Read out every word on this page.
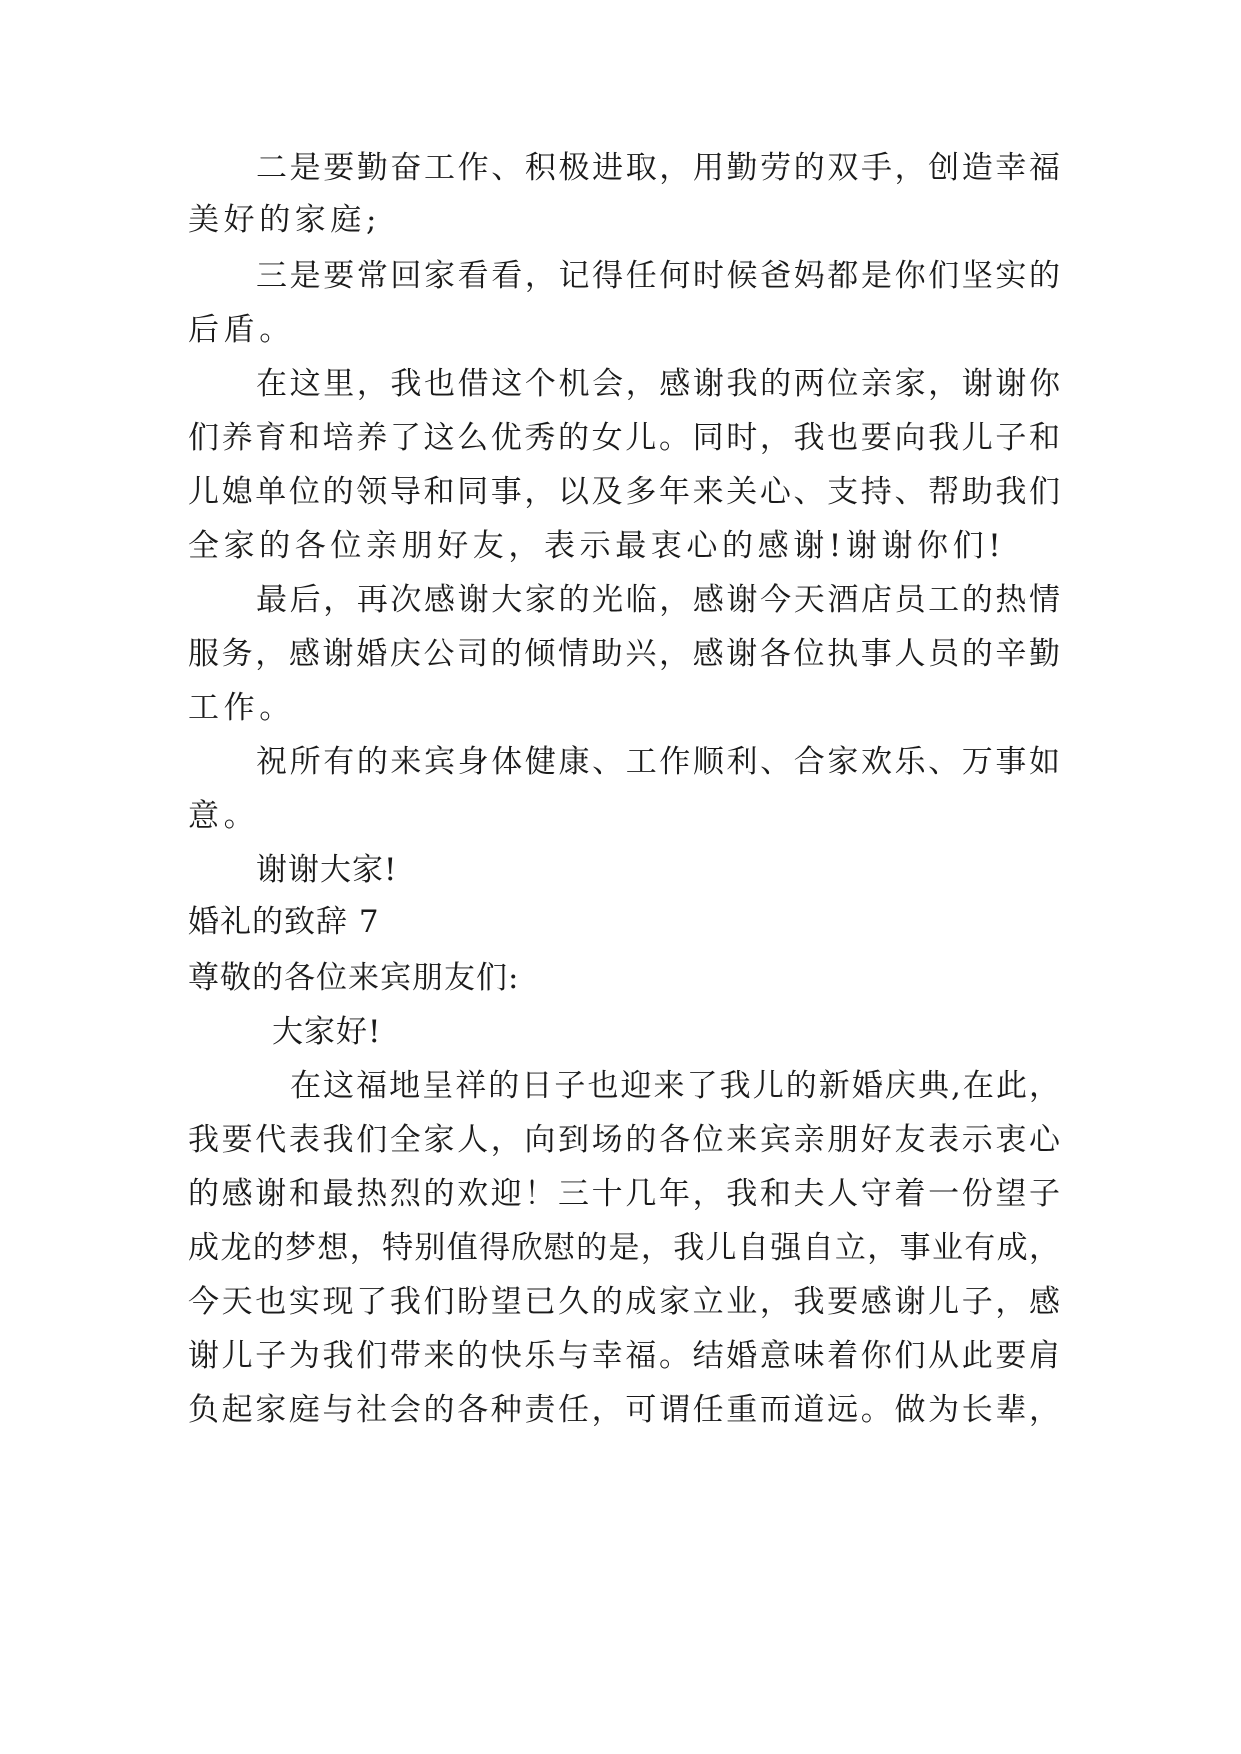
二是要勤奋工作、积极进取，用勤劳的双手，创造幸福

美好的家庭;

三是要常回家看看，记得任何时候爸妈都是你们坚实的

后盾。

在这里，我也借这个机会，感谢我的两位亲家，谢谢你

们养育和培养了这么优秀的女儿。同时，我也要向我儿子和

儿媳单位的领导和同事，以及多年来关心、支持、帮助我们

全家的各位亲朋好友，表示最衷心的感谢!谢谢你们!

最后，再次感谢大家的光临，感谢今天酒店员工的热情

服务，感谢婚庆公司的倾情助兴，感谢各位执事人员的辛勤

工作。

祝所有的来宾身体健康、工作顺利、合家欢乐、万事如

意。

谢谢大家!

婚礼的致辞 7

尊敬的各位来宾朋友们:

大家好!

在这福地呈祥的日子也迎来了我儿的新婚庆典,在此，

我要代表我们全家人，向到场的各位来宾亲朋好友表示衷心

的感谢和最热烈的欢迎！三十几年，我和夫人守着一份望子

成龙的梦想，特别值得欣慰的是，我儿自强自立，事业有成，

今天也实现了我们盼望已久的成家立业，我要感谢儿子，感

谢儿子为我们带来的快乐与幸福。结婚意味着你们从此要肩

负起家庭与社会的各种责任，可谓任重而道远。做为长辈，
